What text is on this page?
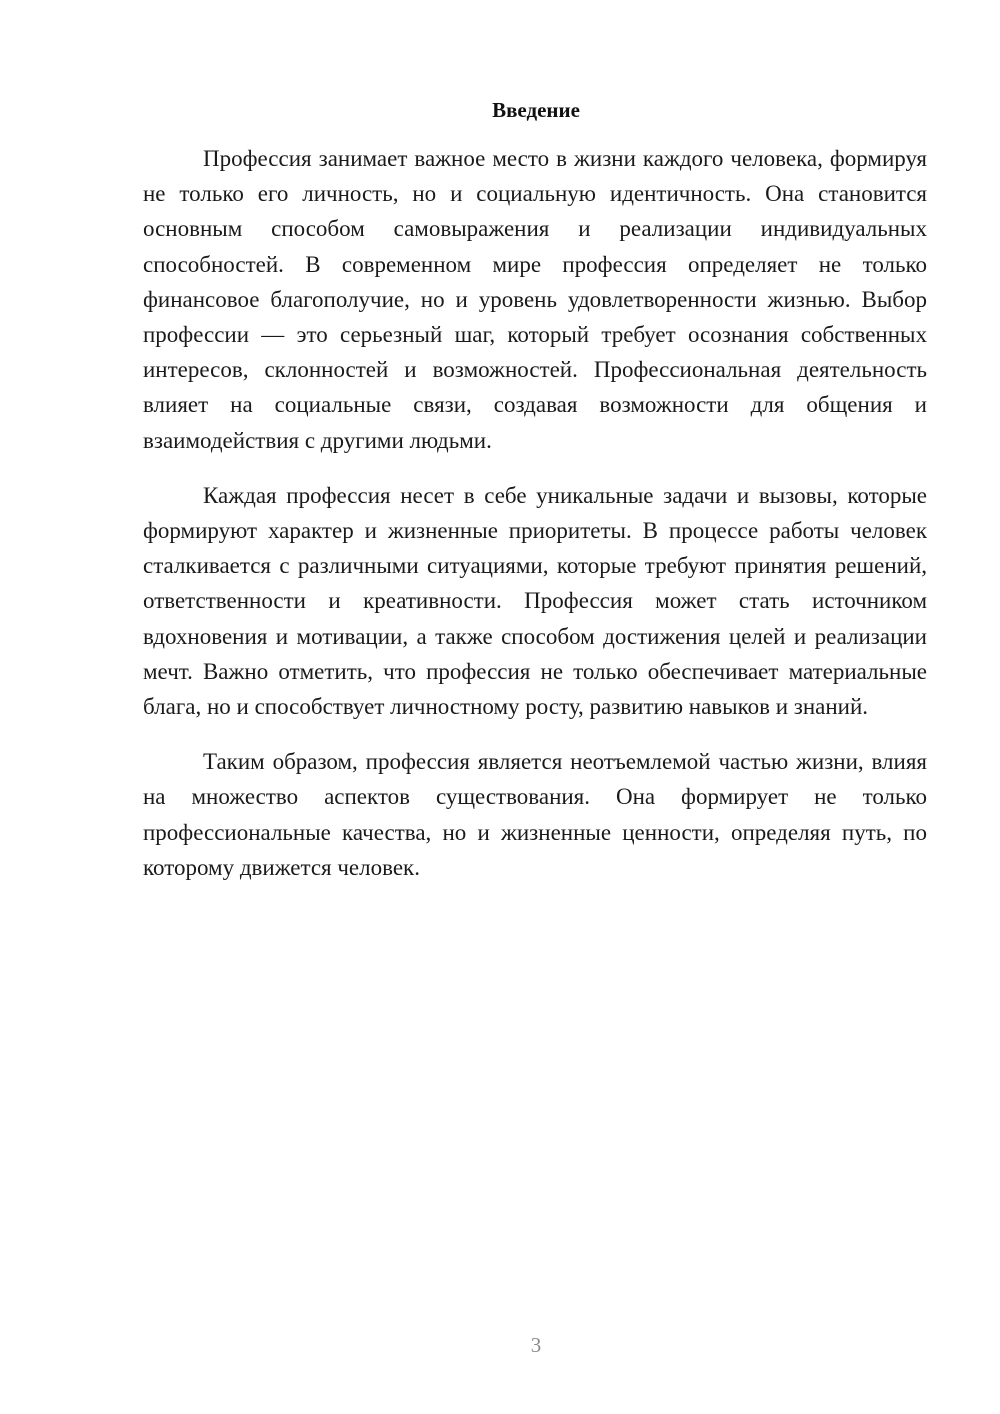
Введение

Профессия занимает важное место в жизни каждого человека, формируя не только его личность, но и социальную идентичность. Она становится основным способом самовыражения и реализации индивидуальных способностей. В современном мире профессия определяет не только финансовое благополучие, но и уровень удовлетворенности жизнью. Выбор профессии — это серьезный шаг, который требует осознания собственных интересов, склонностей и возможностей. Профессиональная деятельность влияет на социальные связи, создавая возможности для общения и взаимодействия с другими людьми.

Каждая профессия несет в себе уникальные задачи и вызовы, которые формируют характер и жизненные приоритеты. В процессе работы человек сталкивается с различными ситуациями, которые требуют принятия решений, ответственности и креативности. Профессия может стать источником вдохновения и мотивации, а также способом достижения целей и реализации мечт. Важно отметить, что профессия не только обеспечивает материальные блага, но и способствует личностному росту, развитию навыков и знаний.

Таким образом, профессия является неотъемлемой частью жизни, влияя на множество аспектов существования. Она формирует не только профессиональные качества, но и жизненные ценности, определяя путь, по которому движется человек.

3
